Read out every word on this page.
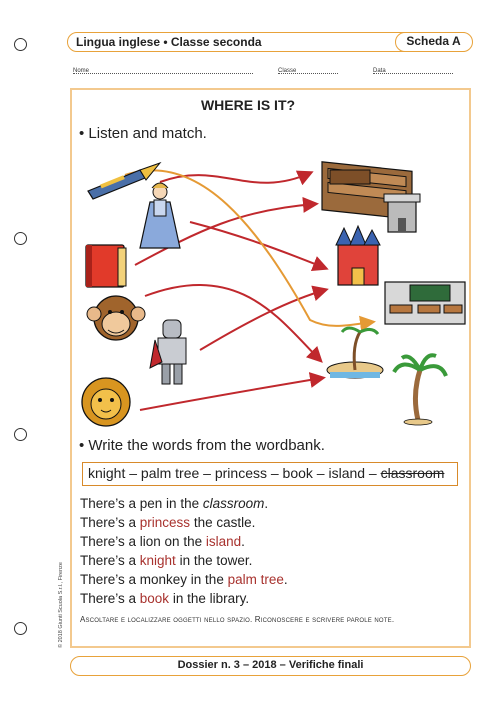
Lingua inglese • Classe seconda	Scheda A
Nome	Classe	Data
WHERE IS IT?
• Listen and match.
• Write the words from the wordbank.
knight – palm tree – princess – book – island – classroom
There’s a pen in the classroom.
There’s a princess the castle.
There’s a lion on the island.
There’s a knight in the tower.
There’s a monkey in the palm tree.
There’s a book in the library.
Ascoltare e localizzare oggetti nello spazio. Riconoscere e scrivere parole note.
© 2018 Giunti Scuola S.r.l., Firenze
Dossier n. 3 – 2018 – Verifiche finali
